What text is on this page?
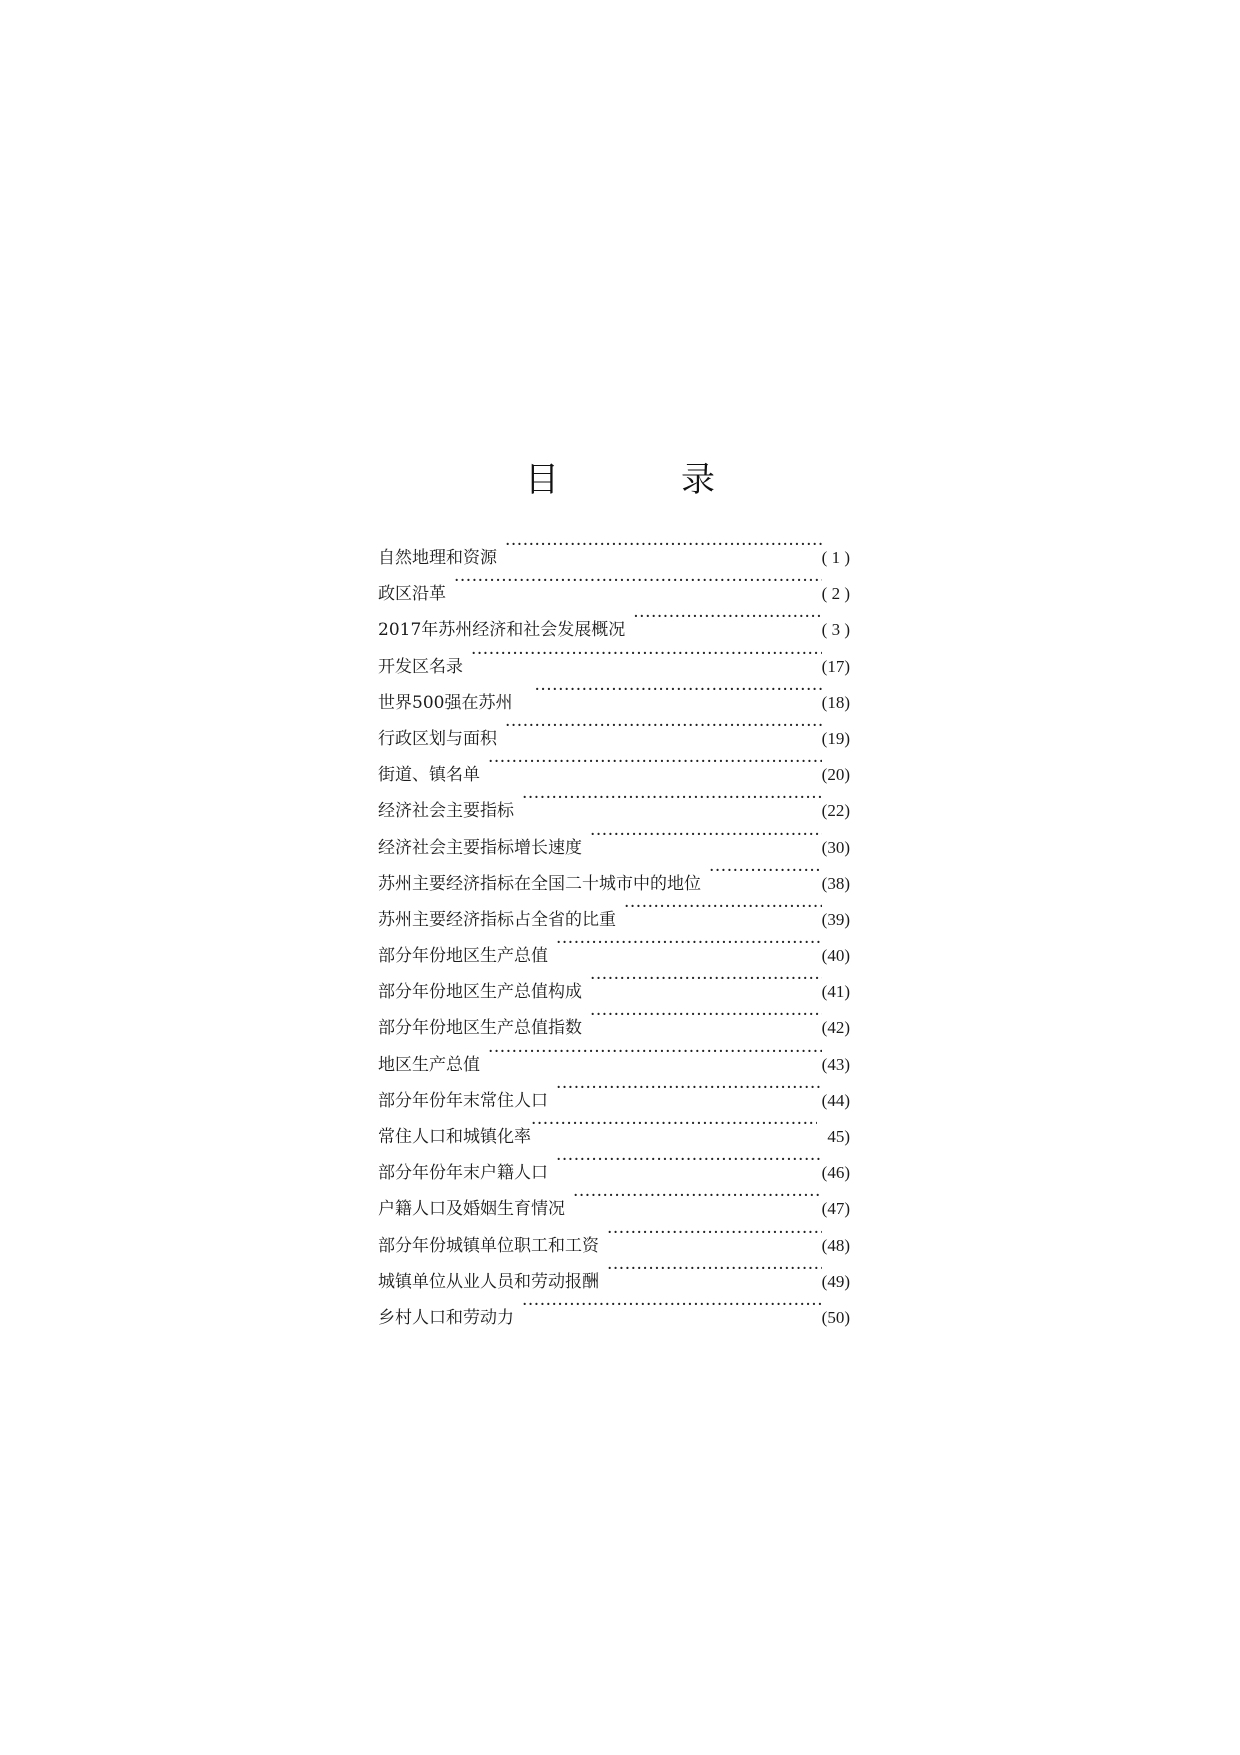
目　录
自然地理和资源 ·····	( 1 )
政区沿革 ·····	( 2 )
2017年苏州经济和社会发展概况 ·····	( 3 )
开发区名录 ·····	(17)
世界500强在苏州 ·····	(18)
行政区划与面积 ·····	(19)
街道、镇名单 ·····	(20)
经济社会主要指标 ·····	(22)
经济社会主要指标增长速度 ·····	(30)
苏州主要经济指标在全国二十城市中的地位 ·····	(38)
苏州主要经济指标占全省的比重 ·····	(39)
部分年份地区生产总值 ·····	(40)
部分年份地区生产总值构成 ·····	(41)
部分年份地区生产总值指数 ·····	(42)
地区生产总值 ·····	(43)
部分年份年末常住人口 ·····	(44)
常住人口和城镇化率 ·····	45)
部分年份年末户籍人口 ·····	(46)
户籍人口及婚姻生育情况 ·····	(47)
部分年份城镇单位职工和工资 ·····	(48)
城镇单位从业人员和劳动报酬 ·····	(49)
乡村人口和劳动力 ·····	(50)
